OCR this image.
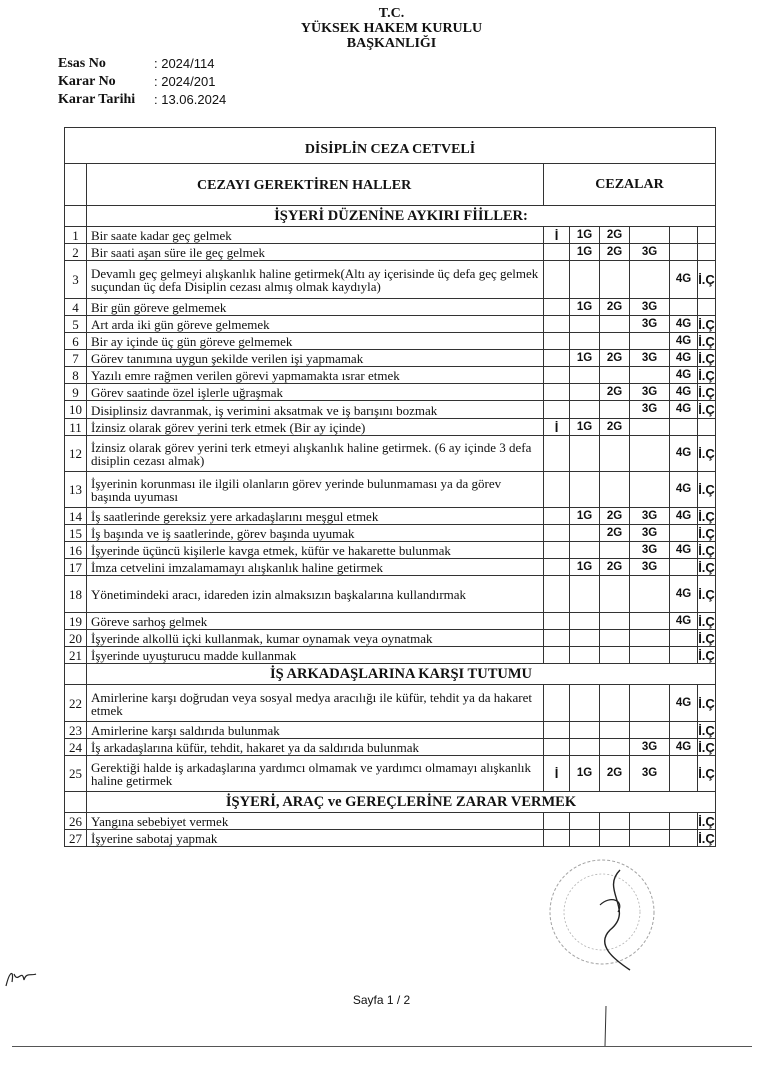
T.C.
YÜKSEK HAKEM KURULU
BAŞKANLIĞI
Esas No	: 2024/114
Karar No	: 2024/201
Karar Tarihi	: 13.06.2024
DİSİPLİN CEZA CETVELİ							
	CEZAYI GEREKTİREN HALLER	CEZALAR					
	İŞYERİ DÜZENİNE AYKIRI FİİLLER:						
1	Bir saate kadar geç gelmek	İ	1G	2G			
2	Bir saati aşan süre ile geç gelmek		1G	2G	3G		
3	Devamlı geç gelmeyi alışkanlık haline getirmek(Altı ay içerisinde üç defa geç gelmek suçundan üç defa Disiplin cezası almış olmak kaydıyla)					4G	İ.Ç
4	Bir gün göreve gelmemek		1G	2G	3G		
5	Art arda iki gün göreve gelmemek				3G	4G	İ.Ç
6	Bir ay içinde üç gün göreve gelmemek					4G	İ.Ç
7	Görev tanımına uygun şekilde verilen işi yapmamak		1G	2G	3G	4G	İ.Ç
8	Yazılı emre rağmen verilen görevi yapmamakta ısrar etmek					4G	İ.Ç
9	Görev saatinde özel işlerle uğraşmak			2G	3G	4G	İ.Ç
10	Disiplinsiz davranmak, iş verimini aksatmak ve iş barışını bozmak				3G	4G	İ.Ç
11	İzinsiz olarak görev yerini terk etmek (Bir ay içinde)	İ	1G	2G			
12	İzinsiz olarak görev yerini terk etmeyi alışkanlık haline getirmek. (6 ay içinde 3 defa disiplin cezası almak)					4G	İ.Ç
13	İşyerinin korunması ile ilgili olanların görev yerinde bulunmaması ya da görev başında uyuması					4G	İ.Ç
14	İş saatlerinde gereksiz yere arkadaşlarını meşgul etmek		1G	2G	3G	4G	İ.Ç
15	İş başında ve iş saatlerinde, görev başında uyumak			2G	3G		İ.Ç
16	İşyerinde üçüncü kişilerle kavga etmek, küfür ve hakarette bulunmak				3G	4G	İ.Ç
17	İmza cetvelini imzalamamayı alışkanlık haline getirmek		1G	2G	3G		İ.Ç
18	Yönetimindeki aracı, idareden izin almaksızın başkalarına kullandırmak					4G	İ.Ç
19	Göreve sarhoş gelmek					4G	İ.Ç
20	İşyerinde alkollü içki kullanmak, kumar oynamak veya oynatmak						İ.Ç
21	İşyerinde uyuşturucu madde kullanmak						İ.Ç
	İŞ ARKADAŞLARINA KARŞI TUTUMU						
22	Amirlerine karşı doğrudan veya sosyal medya aracılığı ile küfür, tehdit ya da hakaret etmek					4G	İ.Ç
23	Amirlerine karşı saldırıda bulunmak						İ.Ç
24	İş arkadaşlarına küfür, tehdit, hakaret ya da saldırıda bulunmak				3G	4G	İ.Ç
25	Gerektiği halde iş arkadaşlarına yardımcı olmamak ve yardımcı olmamayı alışkanlık haline getirmek	İ	1G	2G	3G		İ.Ç
	İŞYERİ, ARAÇ ve GEREÇLERİNE ZARAR VERMEK						
26	Yangına sebebiyet vermek						İ.Ç
27	İşyerine sabotaj yapmak						İ.Ç
Sayfa 1 / 2
